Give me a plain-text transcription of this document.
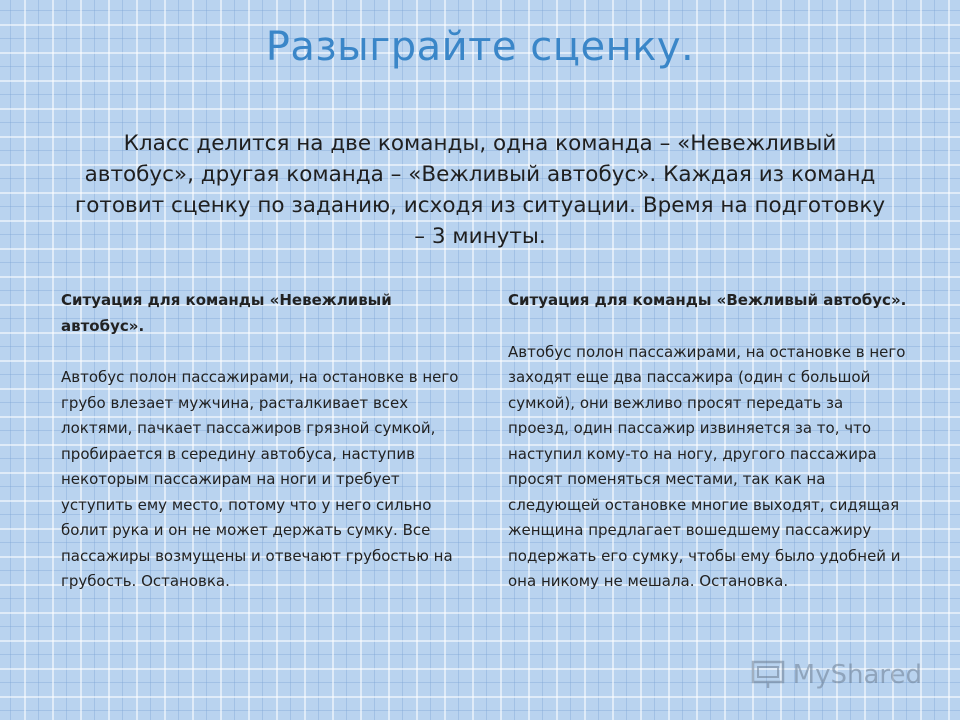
Разыграйте сценку.
Класс делится на две команды, одна команда – «Невежливый автобус», другая команда – «Вежливый автобус». Каждая из команд готовит сценку по заданию, исходя из ситуации. Время на подготовку – 3 минуты.
Ситуация для команды «Невежливый автобус».
Автобус полон пассажирами, на остановке в него грубо влезает мужчина, расталкивает всех локтями, пачкает пассажиров грязной сумкой, пробирается в середину автобуса, наступив некоторым пассажирам на ноги и требует уступить ему место, потому что у него сильно болит рука и он не может держать сумку. Все пассажиры возмущены и отвечают грубостью на грубость. Остановка.
Ситуация для команды «Вежливый автобус».
Автобус полон пассажирами, на остановке в него заходят еще два пассажира (один с большой сумкой), они вежливо просят передать за проезд, один пассажир извиняется за то, что наступил кому-то на ногу, другого пассажира просят поменяться местами, так как на следующей остановке многие выходят, сидящая женщина предлагает вошедшему пассажиру подержать его сумку, чтобы ему было удобней и она никому не мешала. Остановка.
MyShared
